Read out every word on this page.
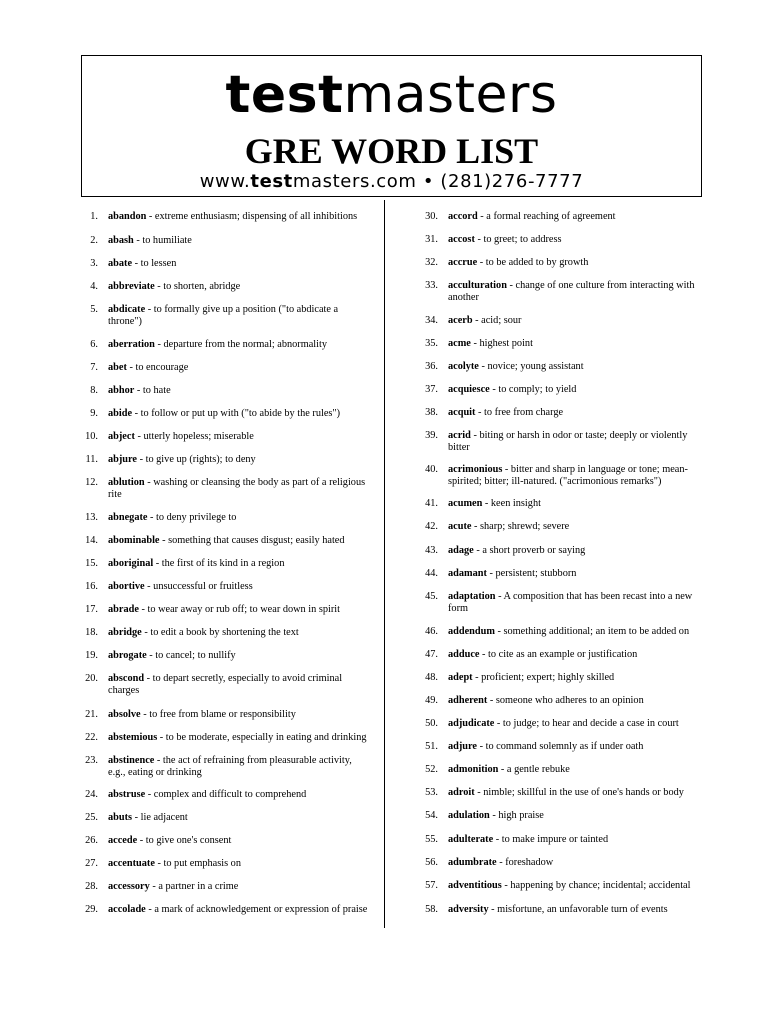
testmasters
GRE WORD LIST
www.testmasters.com • (281)276-7777
1. abandon - extreme enthusiasm; dispensing of all inhibitions
2. abash - to humiliate
3. abate - to lessen
4. abbreviate - to shorten, abridge
5. abdicate - to formally give up a position ("to abdicate a throne")
6. aberration - departure from the normal; abnormality
7. abet - to encourage
8. abhor - to hate
9. abide - to follow or put up with ("to abide by the rules")
10. abject - utterly hopeless; miserable
11. abjure - to give up (rights); to deny
12. ablution - washing or cleansing the body as part of a religious rite
13. abnegate - to deny privilege to
14. abominable - something that causes disgust; easily hated
15. aboriginal - the first of its kind in a region
16. abortive - unsuccessful or fruitless
17. abrade - to wear away or rub off; to wear down in spirit
18. abridge - to edit a book by shortening the text
19. abrogate - to cancel; to nullify
20. abscond - to depart secretly, especially to avoid criminal charges
21. absolve - to free from blame or responsibility
22. abstemious - to be moderate, especially in eating and drinking
23. abstinence - the act of refraining from pleasurable activity, e.g., eating or drinking
24. abstruse - complex and difficult to comprehend
25. abuts - lie adjacent
26. accede - to give one's consent
27. accentuate - to put emphasis on
28. accessory - a partner in a crime
29. accolade - a mark of acknowledgement or expression of praise
30. accord - a formal reaching of agreement
31. accost - to greet; to address
32. accrue - to be added to by growth
33. acculturation - change of one culture from interacting with another
34. acerb - acid; sour
35. acme - highest point
36. acolyte - novice; young assistant
37. acquiesce - to comply; to yield
38. acquit - to free from charge
39. acrid - biting or harsh in odor or taste; deeply or violently bitter
40. acrimonious - bitter and sharp in language or tone; mean-spirited; bitter; ill-natured. ("acrimonious remarks")
41. acumen - keen insight
42. acute - sharp; shrewd; severe
43. adage - a short proverb or saying
44. adamant - persistent; stubborn
45. adaptation - A composition that has been recast into a new form
46. addendum - something additional; an item to be added on
47. adduce - to cite as an example or justification
48. adept - proficient; expert; highly skilled
49. adherent - someone who adheres to an opinion
50. adjudicate - to judge; to hear and decide a case in court
51. adjure - to command solemnly as if under oath
52. admonition - a gentle rebuke
53. adroit - nimble; skillful in the use of one's hands or body
54. adulation - high praise
55. adulterate - to make impure or tainted
56. adumbrate - foreshadow
57. adventitious - happening by chance; incidental; accidental
58. adversity - misfortune, an unfavorable turn of events
